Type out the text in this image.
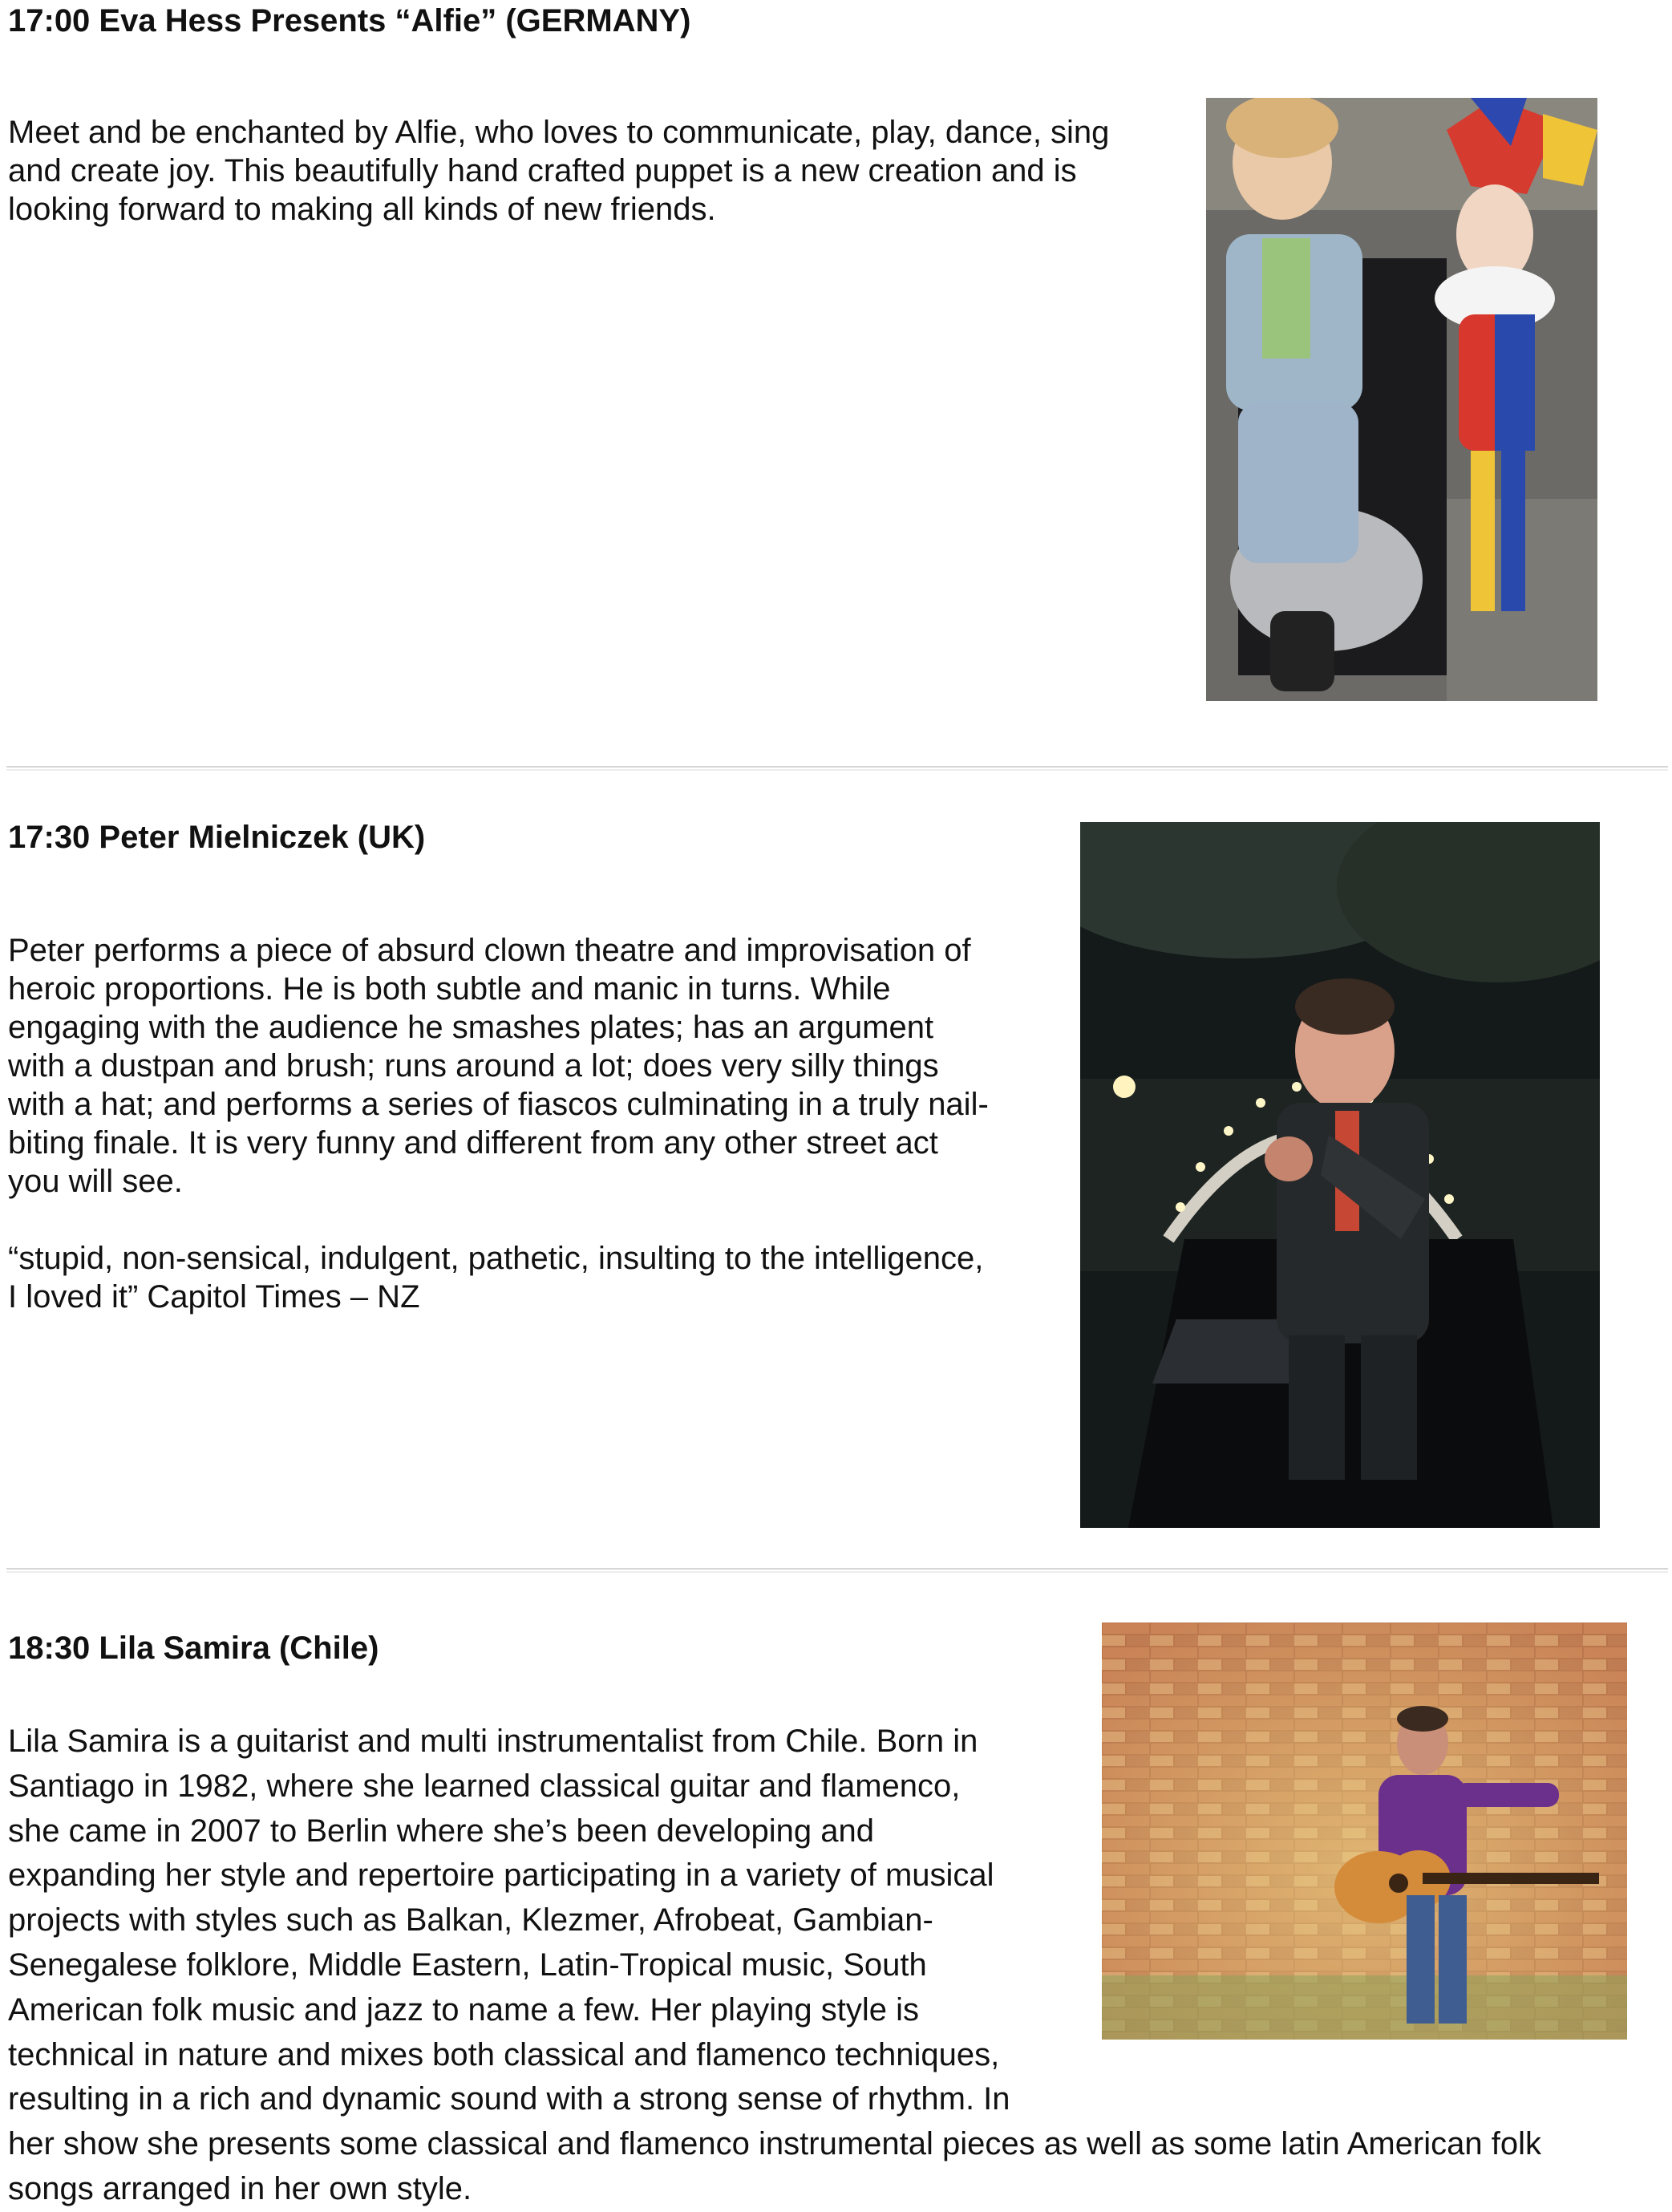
17:00 Eva Hess Presents “Alfie” (GERMANY)

Meet and be enchanted by Alfie, who loves to communicate, play, dance, sing
and create joy. This beautifully hand crafted puppet is a new creation and is
looking forward to making all kinds of new friends.

17:30 Peter Mielniczek (UK)

Peter performs a piece of absurd clown theatre and improvisation of
heroic proportions. He is both subtle and manic in turns. While
engaging with the audience he smashes plates; has an argument
with a dustpan and brush; runs around a lot; does very silly things
with a hat; and performs a series of fiascos culminating in a truly nail-
biting finale. It is very funny and different from any other street act
you will see.

“stupid, non-sensical, indulgent, pathetic, insulting to the intelligence,
I loved it” Capitol Times – NZ

18:30 Lila Samira (Chile)

Lila Samira is a guitarist and multi instrumentalist from Chile. Born in
Santiago in 1982, where she learned classical guitar and flamenco,
she came in 2007 to Berlin where she’s been developing and
expanding her style and repertoire participating in a variety of musical
projects with styles such as Balkan, Klezmer, Afrobeat, Gambian-
Senegalese folklore, Middle Eastern, Latin-Tropical music, South
American folk music and jazz to name a few. Her playing style is
technical in nature and mixes both classical and flamenco techniques,
resulting in a rich and dynamic sound with a strong sense of rhythm. In
her show she presents some classical and flamenco instrumental pieces as well as some latin American folk
songs arranged in her own style.
